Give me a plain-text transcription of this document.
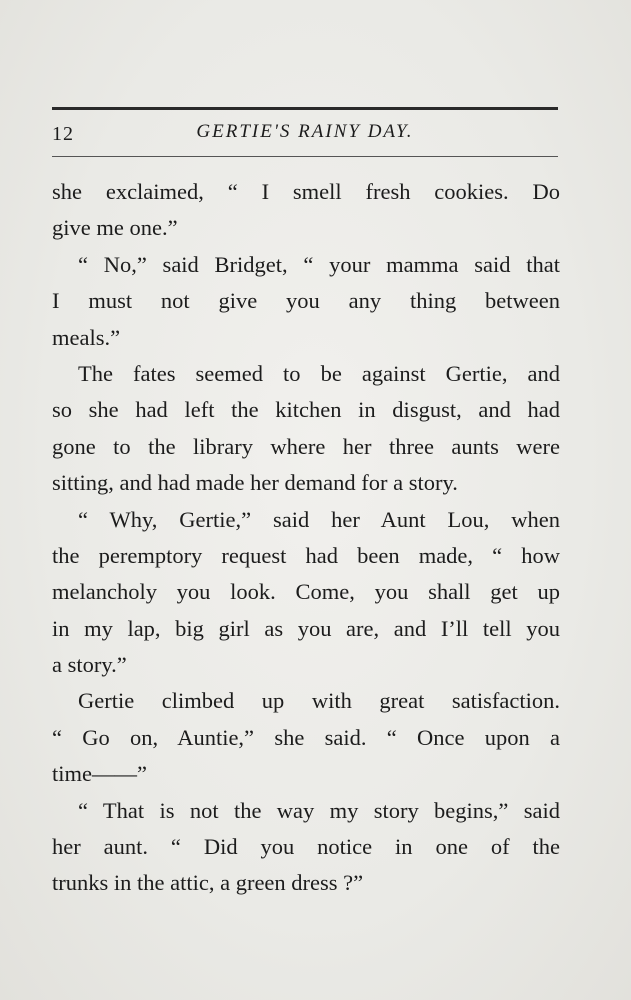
12	GERTIE'S RAINY DAY.
she exclaimed, “ I smell fresh cookies. Do
give me one.”
“ No,” said Bridget, “ your mamma said that
I must not give you any thing between
meals.”
The fates seemed to be against Gertie, and
so she had left the kitchen in disgust, and had
gone to the library where her three aunts were
sitting, and had made her demand for a story.
“ Why, Gertie,” said her Aunt Lou, when
the peremptory request had been made, “ how
melancholy you look. Come, you shall get up
in my lap, big girl as you are, and I’ll tell you
a story.”
Gertie climbed up with great satisfaction.
“ Go on, Auntie,” she said. “ Once upon a
time——”
“ That is not the way my story begins,” said
her aunt. “ Did you notice in one of the
trunks in the attic, a green dress ?”
